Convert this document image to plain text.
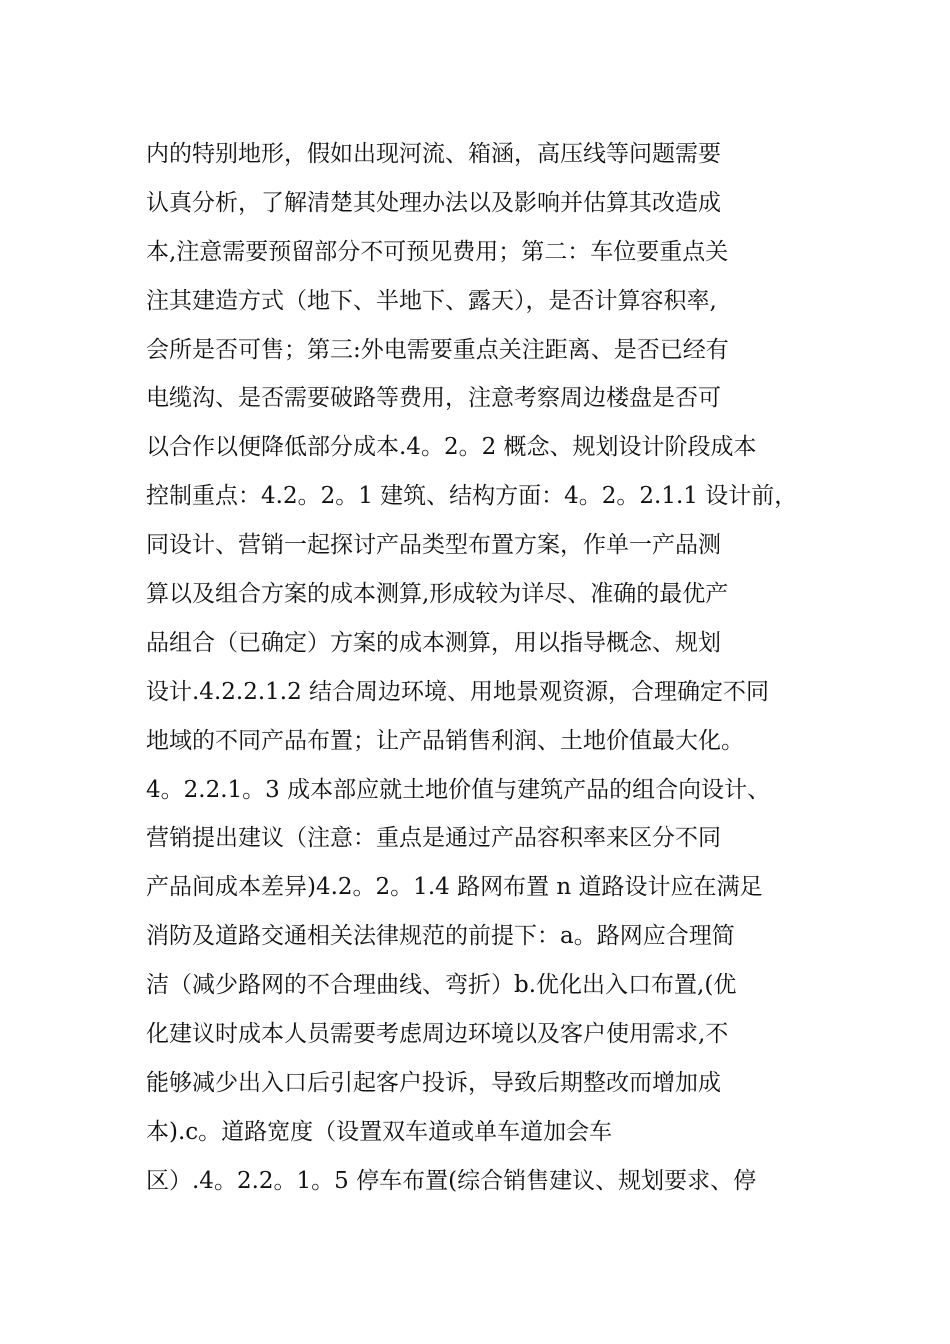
内的特别地形，假如出现河流、箱涵，高压线等问题需要
认真分析，了解清楚其处理办法以及影响并估算其改造成
本,注意需要预留部分不可预见费用；第二：车位要重点关
注其建造方式（地下、半地下、露天），是否计算容积率,
会所是否可售；第三:外电需要重点关注距离、是否已经有
电缆沟、是否需要破路等费用，注意考察周边楼盘是否可
以合作以便降低部分成本.4。2。2 概念、规划设计阶段成本
控制重点：4.2。2。1 建筑、结构方面：4。2。2.1.1 设计前，
同设计、营销一起探讨产品类型布置方案，作单一产品测
算以及组合方案的成本测算,形成较为详尽、准确的最优产
品组合（已确定）方案的成本测算，用以指导概念、规划
设计.4.2.2.1.2 结合周边环境、用地景观资源，合理确定不同
地域的不同产品布置；让产品销售利润、土地价值最大化。
4。2.2.1。3 成本部应就土地价值与建筑产品的组合向设计、
营销提出建议（注意：重点是通过产品容积率来区分不同
产品间成本差异)4.2。2。1.4 路网布置 n 道路设计应在满足
消防及道路交通相关法律规范的前提下：a。路网应合理简
洁（减少路网的不合理曲线、弯折）b.优化出入口布置,(优
化建议时成本人员需要考虑周边环境以及客户使用需求,不
能够减少出入口后引起客户投诉，导致后期整改而增加成
本).c。道路宽度（设置双车道或单车道加会车
区）.4。2.2。1。5 停车布置(综合销售建议、规划要求、停
